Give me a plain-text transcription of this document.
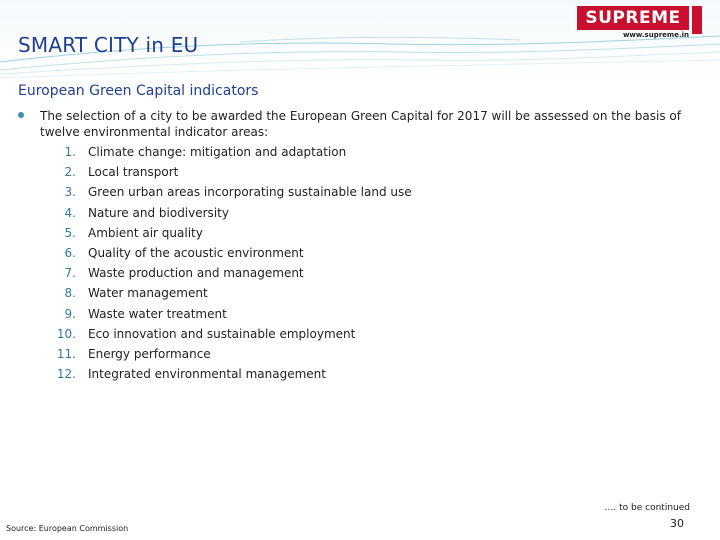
SMART CITY in EU
SUPREME
www.supreme.in
European Green Capital indicators
The selection of a city to be awarded the European Green Capital for 2017 will be assessed on the basis of twelve environmental indicator areas:
1. Climate change: mitigation and adaptation
2. Local transport
3. Green urban areas incorporating sustainable land use
4. Nature and biodiversity
5. Ambient air quality
6. Quality of the acoustic environment
7. Waste production and management
8. Water management
9. Waste water treatment
10. Eco innovation and sustainable employment
11. Energy performance
12. Integrated environmental management
Source: European Commission
…. to be continued
30
